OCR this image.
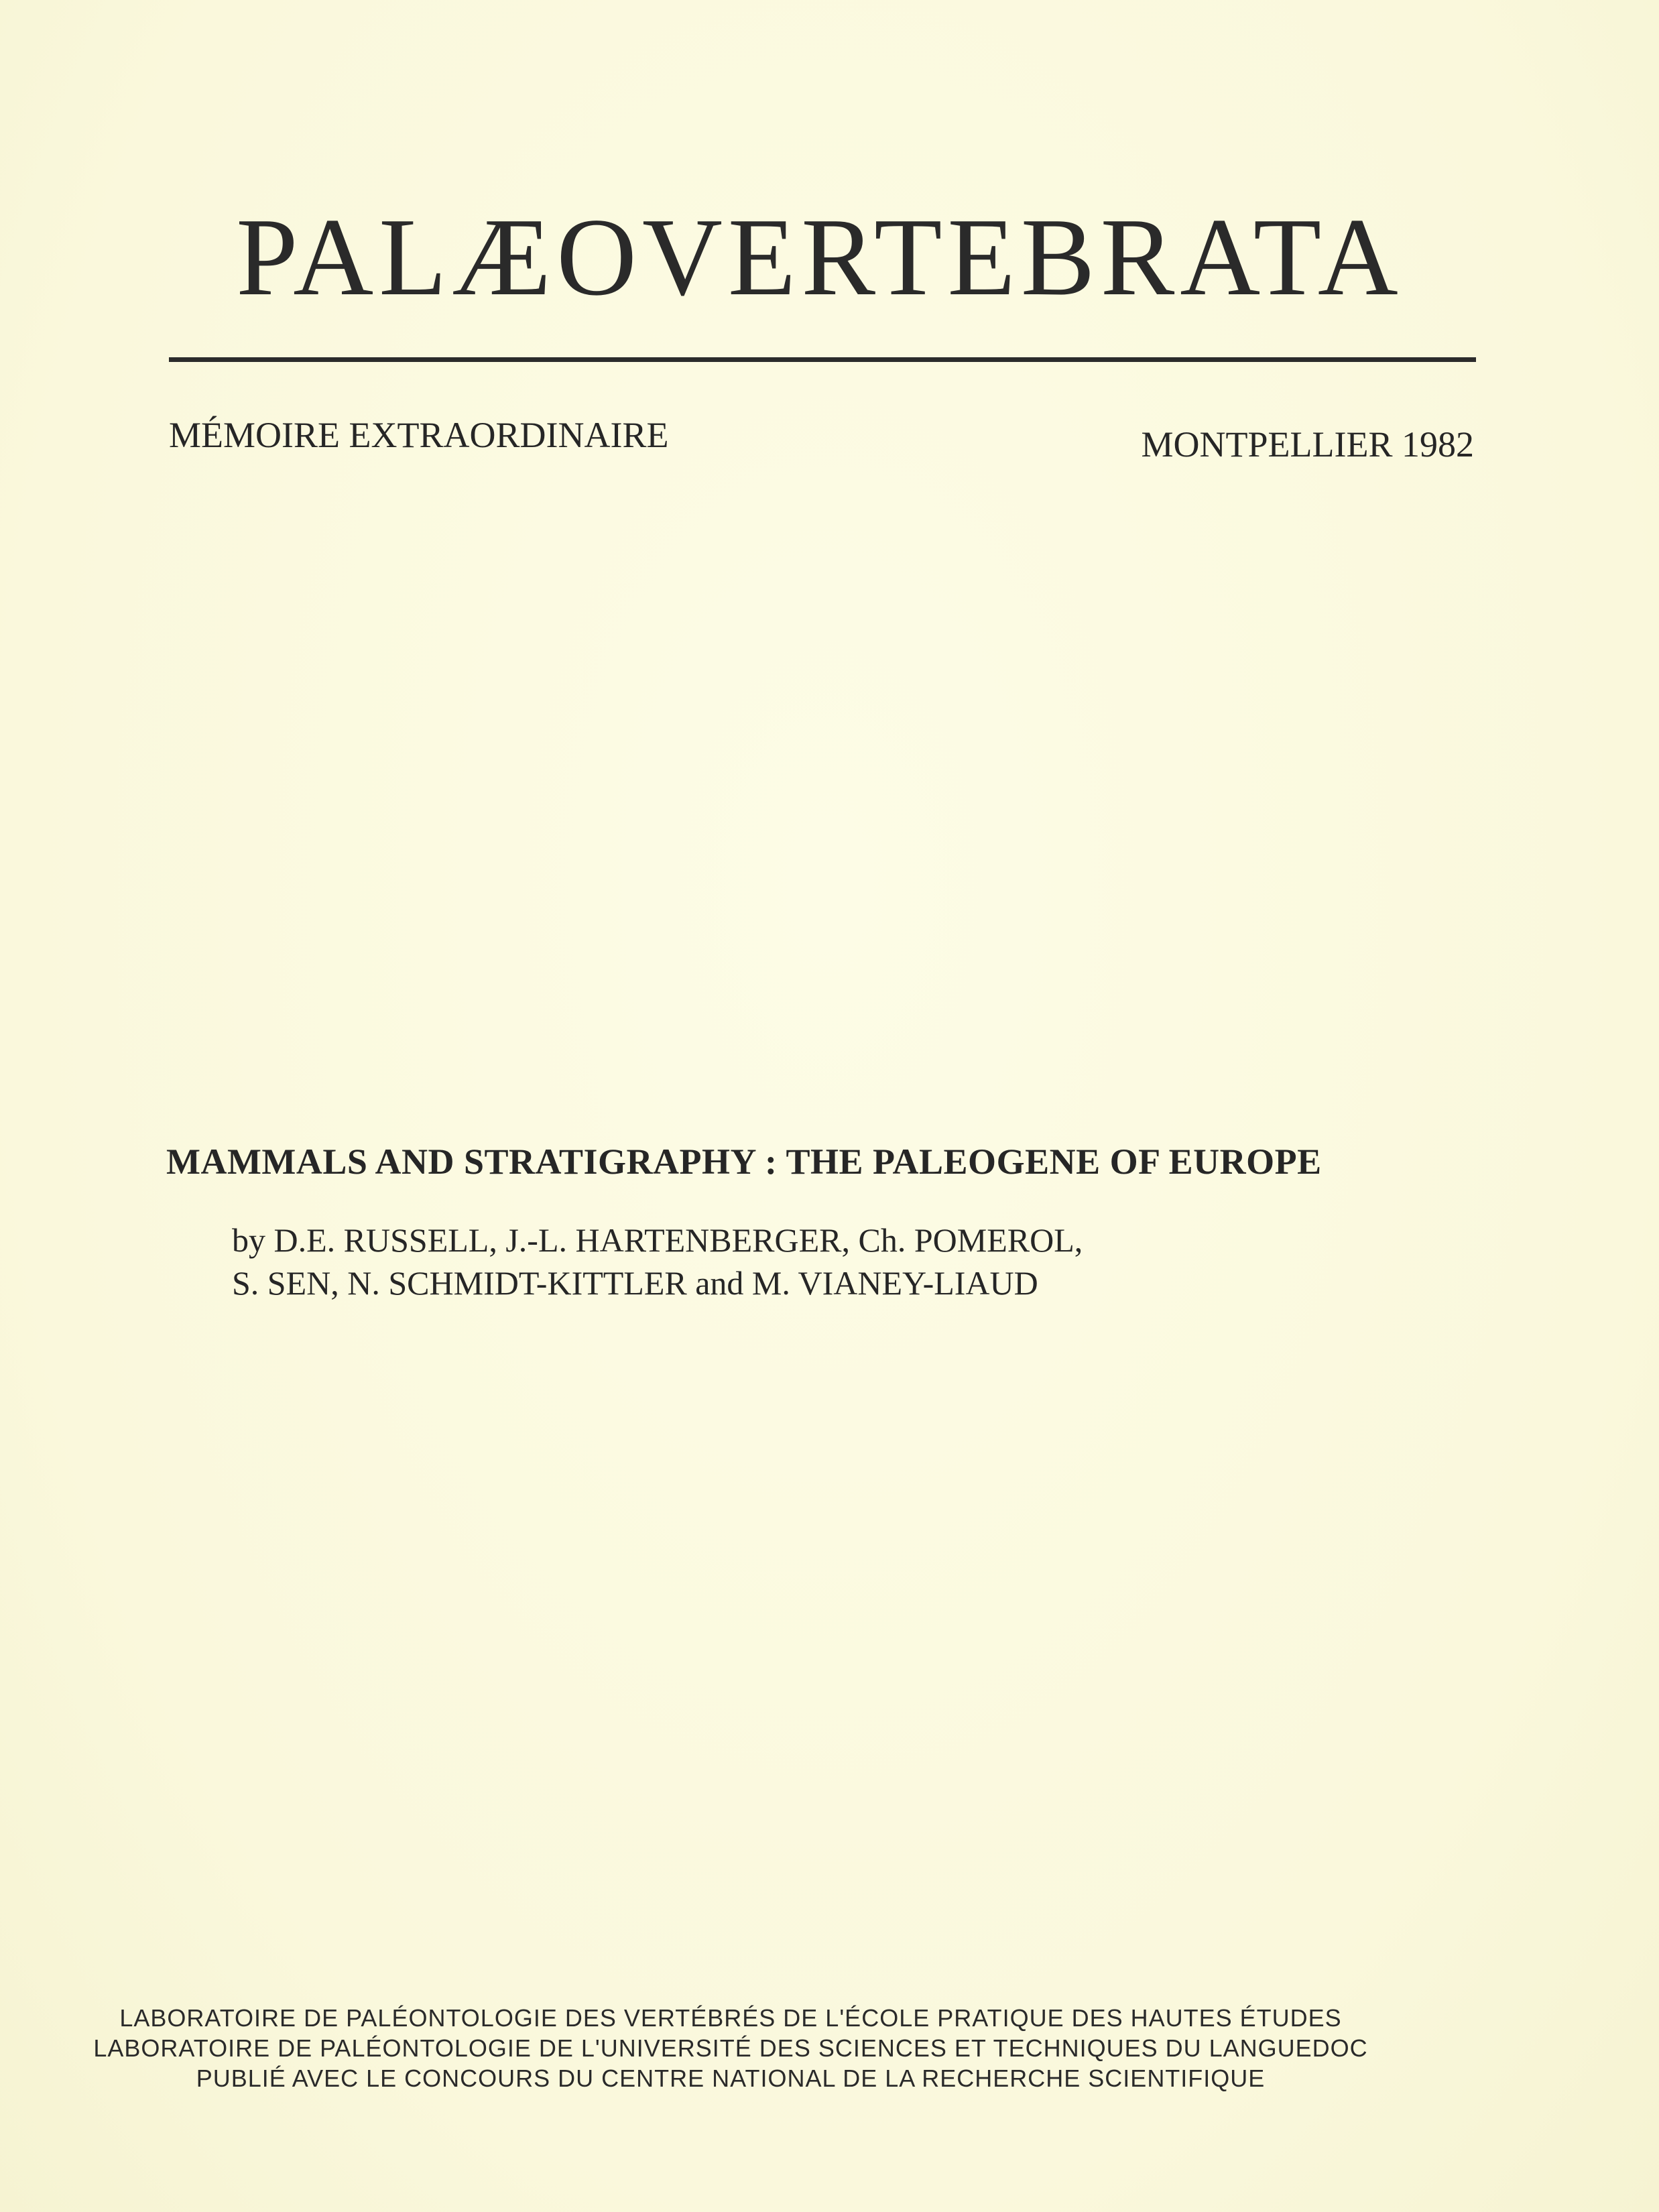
PALÆOVERTEBRATA
MÉMOIRE EXTRAORDINAIRE	MONTPELLIER 1982
MAMMALS AND STRATIGRAPHY : THE PALEOGENE OF EUROPE
by D.E. RUSSELL, J.-L. HARTENBERGER, Ch. POMEROL,
S. SEN, N. SCHMIDT-KITTLER and M. VIANEY-LIAUD
LABORATOIRE DE PALÉONTOLOGIE DES VERTÉBRÉS DE L'ÉCOLE PRATIQUE DES HAUTES ÉTUDES
LABORATOIRE DE PALÉONTOLOGIE DE L'UNIVERSITÉ DES SCIENCES ET TECHNIQUES DU LANGUEDOC
PUBLIÉ AVEC LE CONCOURS DU CENTRE NATIONAL DE LA RECHERCHE SCIENTIFIQUE
